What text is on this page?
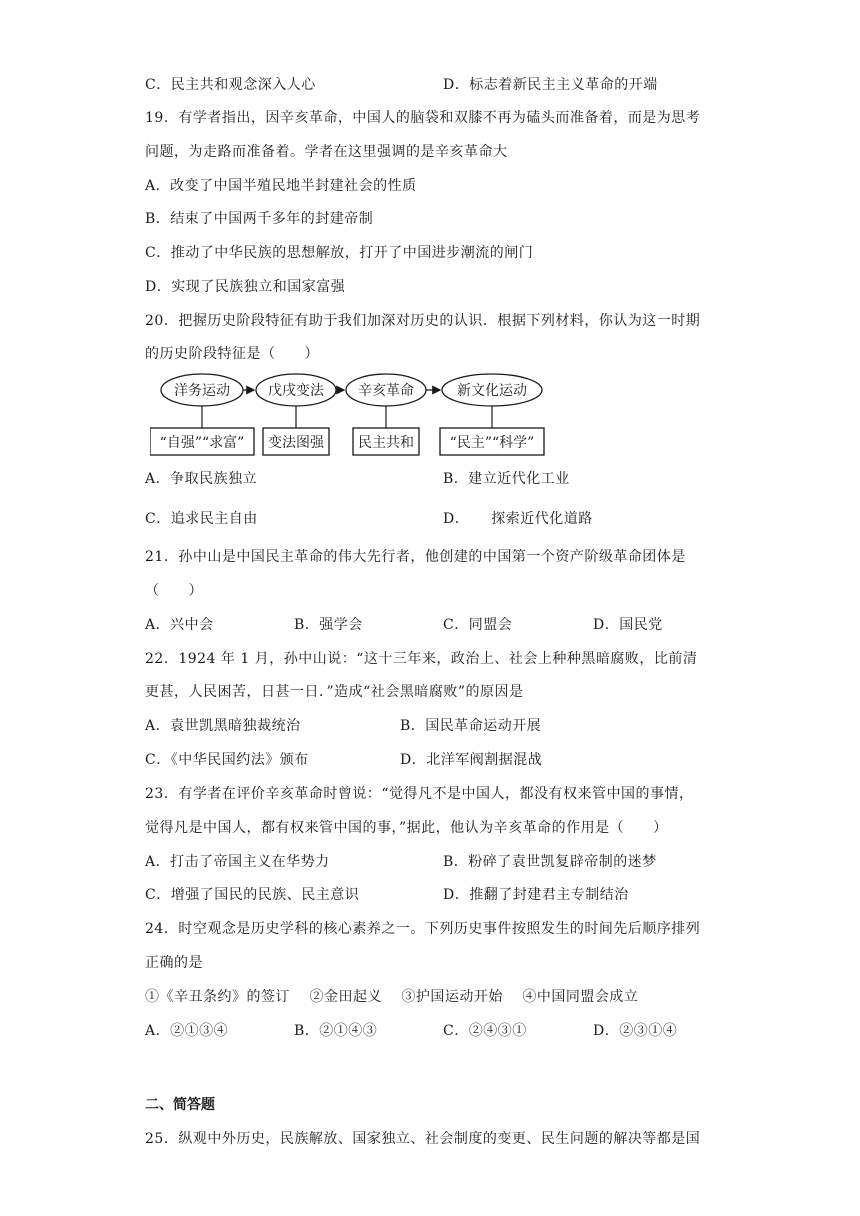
C．民主共和观念深入人心	D．标志着新民主主义革命的开端
19．有学者指出，因辛亥革命，中国人的脑袋和双膝不再为磕头而准备着，而是为思考
问题，为走路而准备着。学者在这里强调的是辛亥革命大
A．改变了中国半殖民地半封建社会的性质
B．结束了中国两千多年的封建帝制
C．推动了中华民族的思想解放，打开了中国进步潮流的闸门
D．实现了民族独立和国家富强
20．把握历史阶段特征有助于我们加深对历史的认识．根据下列材料，你认为这一时期
的历史阶段特征是（　　）
洋务运动	戊戌变法 辛亥革命	新文化运动
“自强”“求富” 变法图强 民主共和	“民主”“科学”
A．争取民族独立	B．建立近代化工业
C．追求民主自由	D．　　探索近代化道路
21．孙中山是中国民主革命的伟大先行者，他创建的中国第一个资产阶级革命团体是
（　　）
A．兴中会	B．强学会	C．同盟会	D．国民党
22．1924 年 1 月，孙中山说：“这十三年来，政治上、社会上种种黑暗腐败，比前清
更甚，人民困苦，日甚一日．”造成“社会黑暗腐败”的原因是
A．袁世凯黑暗独裁统治	B．国民革命运动开展
C．《中华民国约法》颁布	D．北洋军阀割据混战
23．有学者在评价辛亥革命时曾说：“觉得凡不是中国人，都没有权来管中国的事情，
觉得凡是中国人，都有权来管中国的事，”据此，他认为辛亥革命的作用是（　　）
A．打击了帝国主义在华势力	B．粉碎了袁世凯复辟帝制的迷梦
C．增强了国民的民族、民主意识	D．推翻了封建君主专制结治
24．时空观念是历史学科的核心素养之一。下列历史事件按照发生的时间先后顺序排列
正确的是
①《辛丑条约》的签订　 ②金田起义　 ③护国运动开始　 ④中国同盟会成立
A．②①③④	B．②①④③	C．②④③①	D．②③①④
二、简答题
25．纵观中外历史，民族解放、国家独立、社会制度的变更、民生问题的解决等都是国
